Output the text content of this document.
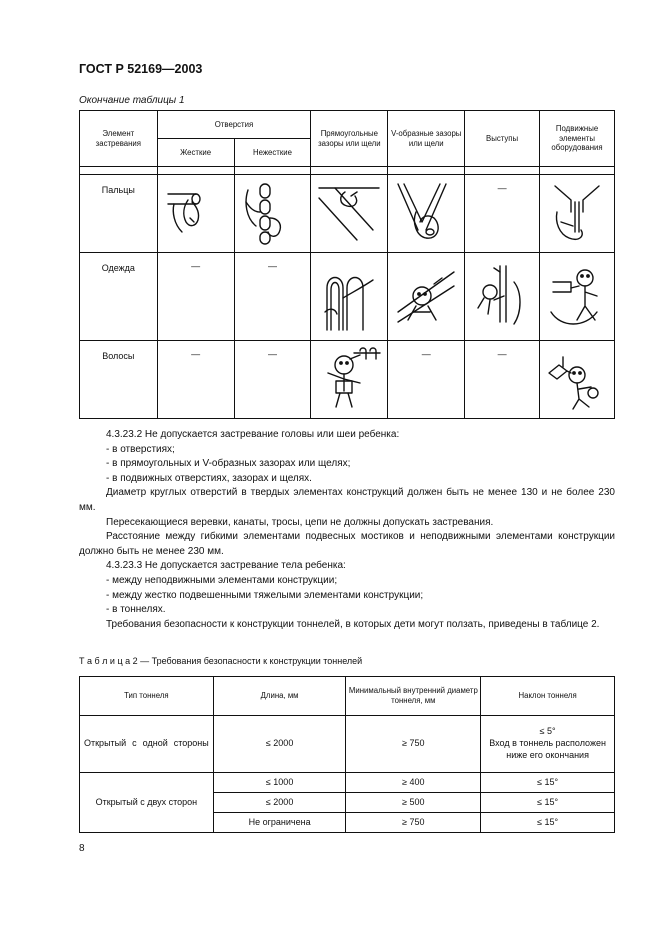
ГОСТ Р 52169—2003
Окончание таблицы 1
Элемент застревания	Отверстия		Прямоугольные зазоры или щели	V-образные зазоры или щели	Выступы	Подвижные элементы оборудования
	Жесткие	Нежесткие				

Пальцы					—	

Одежда	—	—	

Волосы	—	—		—	—	

4.3.23.2 Не допускается застревание головы или шеи ребенка:

- в отверстиях;

- в прямоугольных и V-образных зазорах или щелях;

- в подвижных отверстиях, зазорах и щелях.

Диаметр круглых отверстий в твердых элементах конструкций должен быть не менее 130 и не более 230 мм.

Пересекающиеся веревки, канаты, тросы, цепи не должны допускать застревания.

Расстояние между гибкими элементами подвесных мостиков и неподвижными элементами конструкции должно быть не менее 230 мм.

4.3.23.3 Не допускается застревание тела ребенка:

- между неподвижными элементами конструкции;

- между жестко подвешенными тяжелыми элементами конструкции;

- в тоннелях.

Требования безопасности к конструкции тоннелей, в которых дети могут ползать, приведены в таблице 2.

Т а б л и ц а 2 — Требования безопасности к конструкции тоннелей
Тип тоннеля	Длина, мм	Минимальный внутренний диаметр тоннеля, мм	Наклон тоннеля
Открытый с одной стороны	≤ 2000	≥ 750	≤ 5°
Вход в тоннель расположен ниже его окончания

Открытый с двух сторон	≤ 1000	≥ 400	≤ 15°
	≤ 2000	≥ 500	≤ 15°
	Не ограничена	≥ 750	≤ 15°
8
